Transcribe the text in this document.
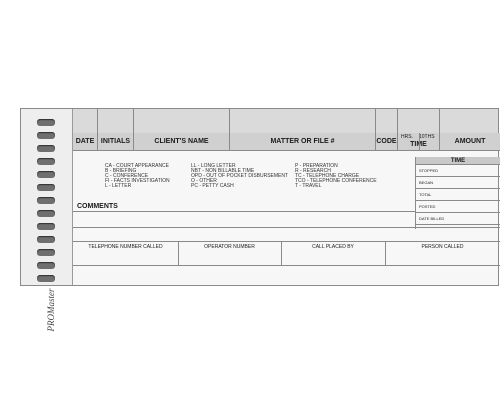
PROMaster
DATE INITIALS	CLIENT'S NAME	MATTER OR FILE #	CODE
HRS. 10THS
TIME	AMOUNT
CA - COURT APPEARANCE
B - BRIEFING
C - CONFERENCE
FI - FACTS INVESTIGATION
L - LETTER
LL - LONG LETTER
NBT - NON BILLABLE TIME
OPD - OUT OF POCKET DISBURSEMENT
O - OTHER
PC - PETTY CASH
P - PREPARATION
R - RESEARCH
TC - TELEPHONE CHARGE
TCO - TELEPHONE CONFERENCE
T - TRAVEL
COMMENTS
TIME
STOPPED
BEGAN
TOTAL
POSTED
DATE BILLED
TELEPHONE NUMBER CALLED	OPERATOR NUMBER	CALL PLACED BY	PERSON CALLED
